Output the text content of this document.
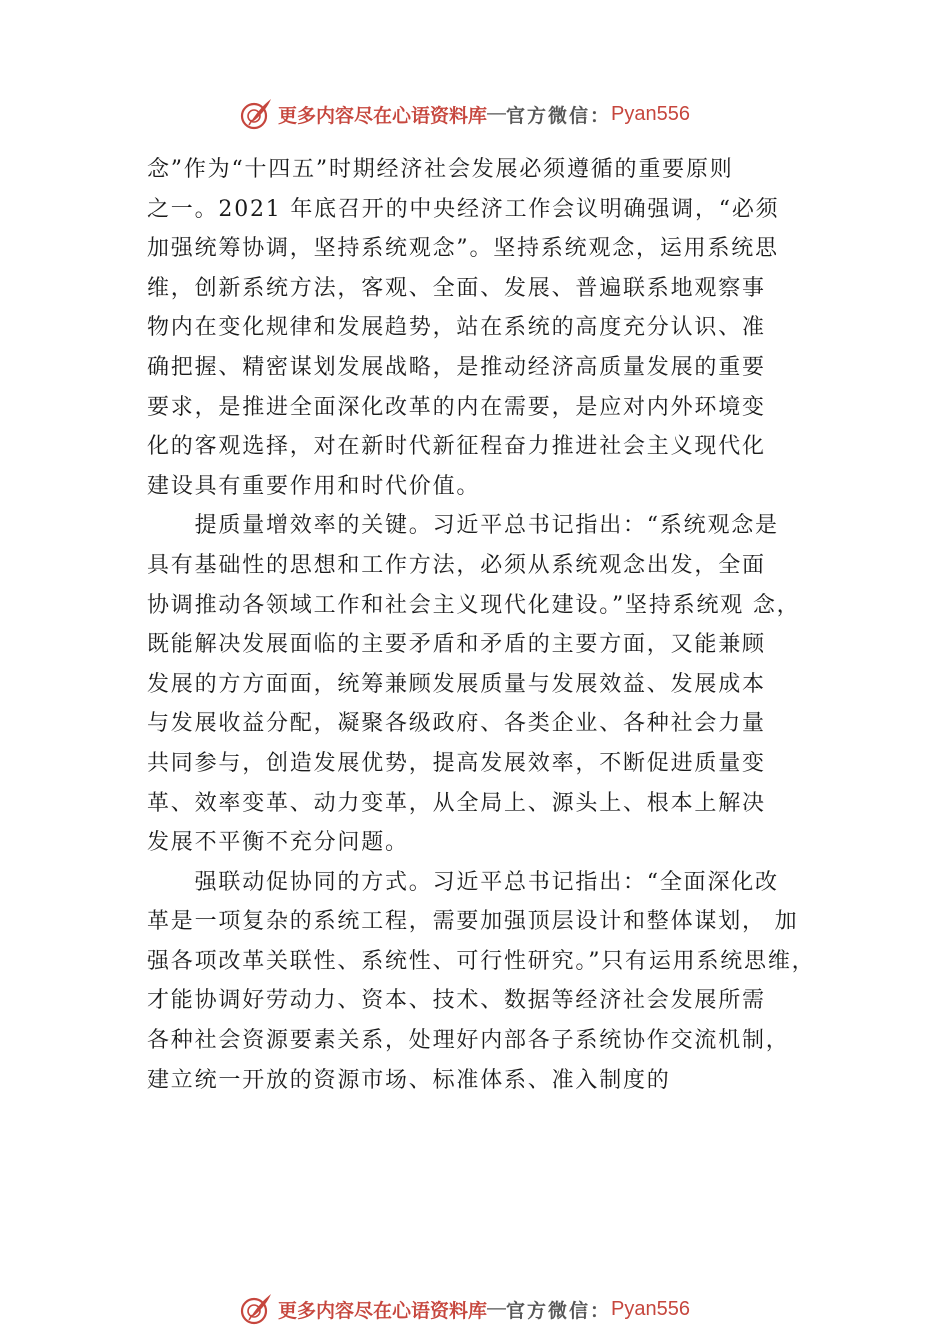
更多内容尽在心语资料库 — 官方微信： Pyan556
念”作为“十四五”时期经济社会发展必须遵循的重要原则
之一。2021 年底召开的中央经济工作会议明确强调，“必须
加强统筹协调，坚持系统观念”。坚持系统观念，运用系统思
维，创新系统方法，客观、全面、发展、普遍联系地观察事
物内在变化规律和发展趋势，站在系统的高度充分认识、准
确把握、精密谋划发展战略，是推动经济高质量发展的重要
要求，是推进全面深化改革的内在需要，是应对内外环境变
化的客观选择，对在新时代新征程奋力推进社会主义现代化
建设具有重要作用和时代价值。
　　提质量增效率的关键。习近平总书记指出：“系统观念是
具有基础性的思想和工作方法，必须从系统观念出发，全面
协调推动各领域工作和社会主义现代化建设。”坚持系统观 念，
既能解决发展面临的主要矛盾和矛盾的主要方面，又能兼顾
发展的方方面面，统筹兼顾发展质量与发展效益、发展成本
与发展收益分配，凝聚各级政府、各类企业、各种社会力量
共同参与，创造发展优势，提高发展效率，不断促进质量变
革、效率变革、动力变革，从全局上、源头上、根本上解决
发展不平衡不充分问题。
　　强联动促协同的方式。习近平总书记指出：“全面深化改
革是一项复杂的系统工程，需要加强顶层设计和整体谋划， 加
强各项改革关联性、系统性、可行性研究。”只有运用系统思维，
才能协调好劳动力、资本、技术、数据等经济社会发展所需
各种社会资源要素关系，处理好内部各子系统协作交流机制，
建立统一开放的资源市场、标准体系、准入制度的
更多内容尽在心语资料库 — 官方微信： Pyan556
